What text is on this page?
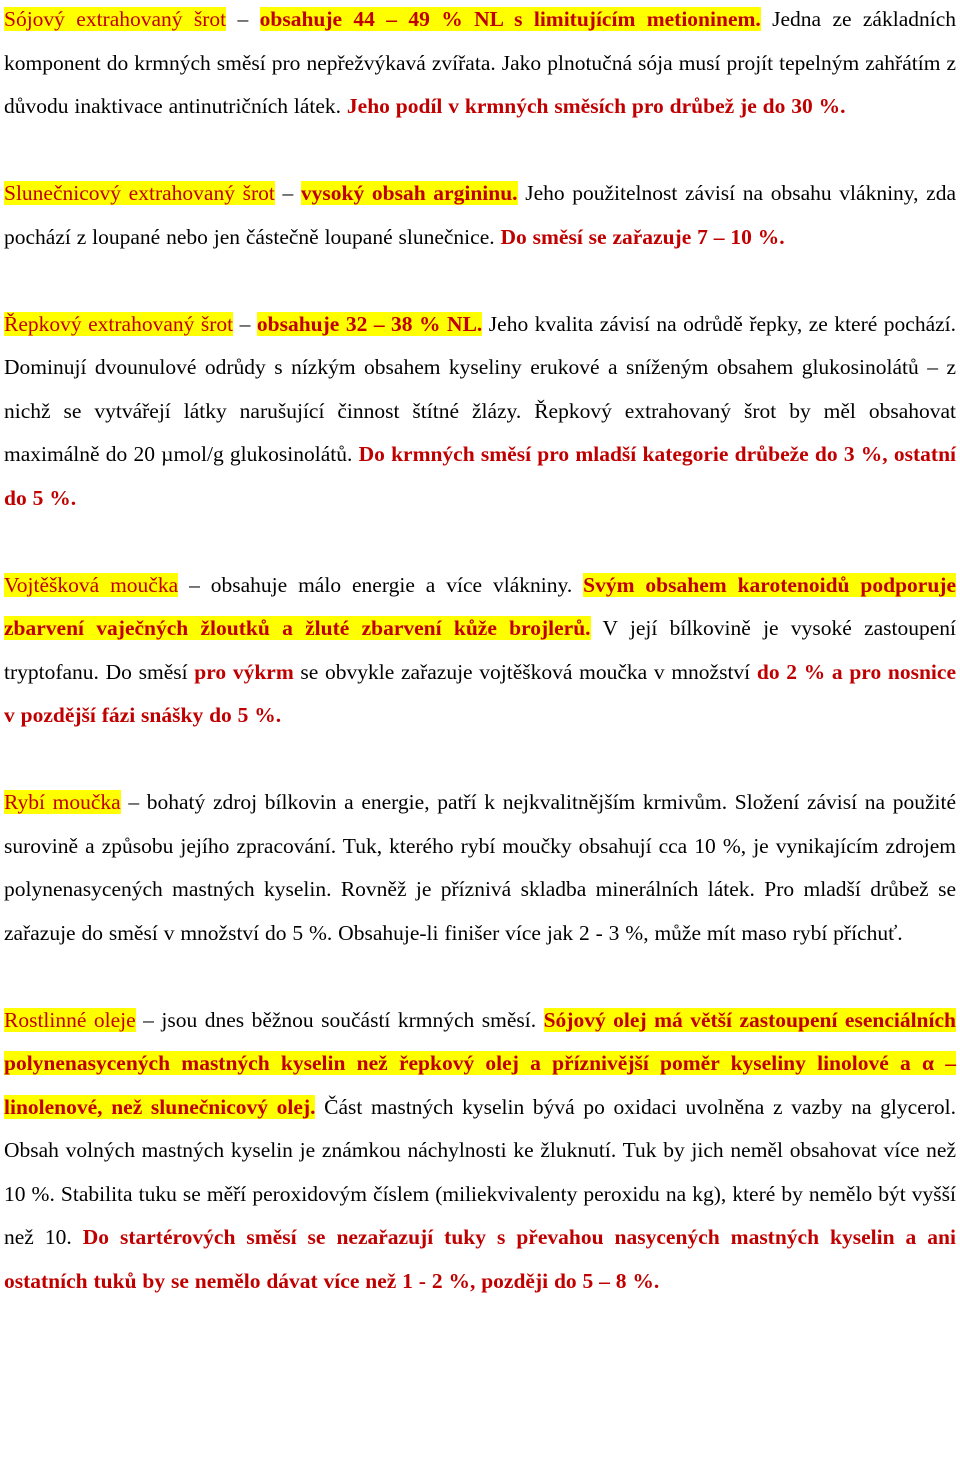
Sójový extrahovaný šrot – obsahuje 44 – 49 % NL s limitujícím metioninem. Jedna ze základních komponent do krmných směsí pro nepřežvýkavá zvířata. Jako plnotučná sója musí projít tepelným zahřátím z důvodu inaktivace antinutričních látek. Jeho podíl v krmných směsích pro drůbež je do 30 %.

Slunečnicový extrahovaný šrot – vysoký obsah argininu. Jeho použitelnost závisí na obsahu vlákniny, zda pochází z loupané nebo jen částečně loupané slunečnice. Do směsí se zařazuje 7 – 10 %.

Řepkový extrahovaný šrot – obsahuje 32 – 38 % NL. Jeho kvalita závisí na odrůdě řepky, ze které pochází. Dominují dvounulové odrůdy s nízkým obsahem kyseliny erukové a sníženým obsahem glukosinolátů – z nichž se vytvářejí látky narušující činnost štítné žlázy. Řepkový extrahovaný šrot by měl obsahovat maximálně do 20 µmol/g glukosinolátů. Do krmných směsí pro mladší kategorie drůbeže do 3 %, ostatní do 5 %.

Vojtěšková moučka – obsahuje málo energie a více vlákniny. Svým obsahem karotenoidů podporuje zbarvení vaječných žloutků a žluté zbarvení kůže brojlerů. V její bílkovině je vysoké zastoupení tryptofanu. Do směsí pro výkrm se obvykle zařazuje vojtěšková moučka v množství do 2 % a pro nosnice v pozdější fázi snášky do 5 %.

Rybí moučka – bohatý zdroj bílkovin a energie, patří k nejkvalitnějším krmivům. Složení závisí na použité surovině a způsobu jejího zpracování. Tuk, kterého rybí moučky obsahují cca 10 %, je vynikajícím zdrojem polynenasycených mastných kyselin. Rovněž je příznivá skladba minerálních látek. Pro mladší drůbež se zařazuje do směsí v množství do 5 %. Obsahuje-li finišer více jak 2 - 3 %, může mít maso rybí příchuť.

Rostlinné oleje – jsou dnes běžnou součástí krmných směsí. Sójový olej má větší zastoupení esenciálních polynenasycených mastných kyselin než řepkový olej a příznivější poměr kyseliny linolové a α – linolenové, než slunečnicový olej. Část mastných kyselin bývá po oxidaci uvolněna z vazby na glycerol. Obsah volných mastných kyselin je známkou náchylnosti ke žluknutí. Tuk by jich neměl obsahovat více než 10 %. Stabilita tuku se měří peroxidovým číslem (miliekvivalenty peroxidu na kg), které by nemělo být vyšší než 10. Do startérových směsí se nezařazují tuky s převahou nasycených mastných kyselin a ani ostatních tuků by se nemělo dávat více než 1 - 2 %, později do 5 – 8 %.
